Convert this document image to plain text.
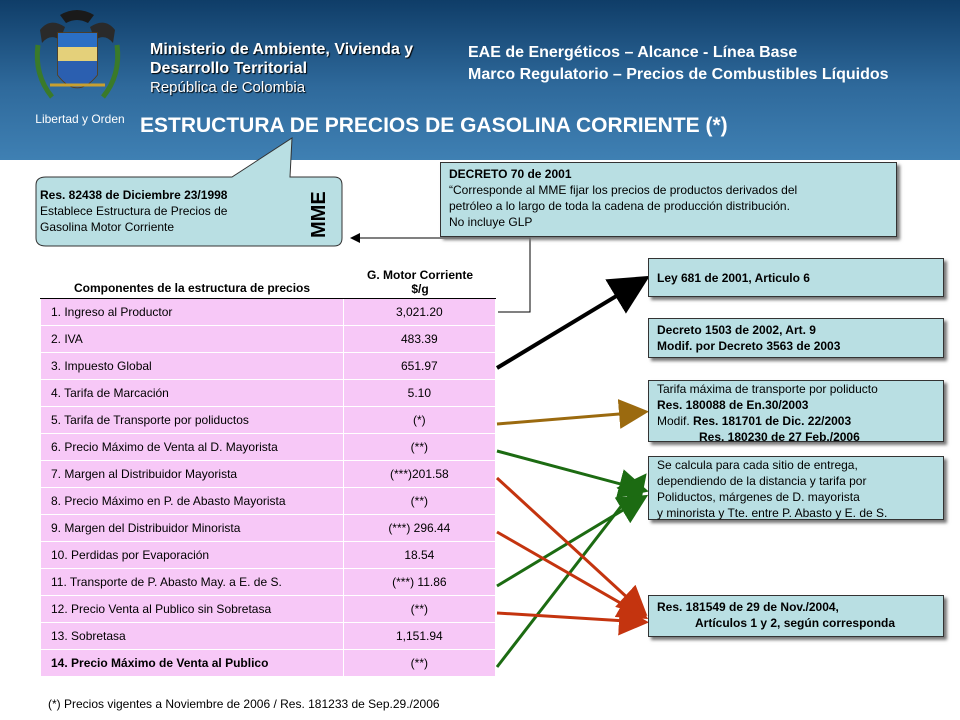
Libertad y Orden
Ministerio de Ambiente, Vivienda y
Desarrollo Territorial
República de Colombia
EAE de Energéticos – Alcance - Línea Base
Marco Regulatorio – Precios de Combustibles Líquidos
ESTRUCTURA DE PRECIOS DE GASOLINA CORRIENTE (*)
Res. 82438 de Diciembre 23/1998
Establece Estructura de Precios de
Gasolina Motor Corriente	MME
DECRETO 70 de 2001
“Corresponde al MME fijar los precios de productos derivados del
petróleo a lo largo de toda la cadena de producción distribución.
No incluye GLP
Componentes de la estructura de precios
G. Motor Corriente
$/g
1. Ingreso al Productor	3,021.20
2. IVA	483.39
3. Impuesto Global	651.97
4. Tarifa de Marcación	5.10
5. Tarifa de Transporte por poliductos	(*)
6. Precio Máximo de Venta al D. Mayorista	(**)
7. Margen al Distribuidor Mayorista	(***)201.58
8. Precio Máximo en P. de Abasto Mayorista	(**)
9. Margen del Distribuidor Minorista	(***) 296.44
10. Perdidas por Evaporación	18.54
11. Transporte de P. Abasto May. a E. de S.	(***) 11.86
12. Precio Venta al Publico sin Sobretasa	(**)
13. Sobretasa	1,151.94
14. Precio Máximo de Venta al Publico	(**)
Ley 681 de 2001, Articulo 6
Decreto 1503 de 2002, Art. 9
Modif. por Decreto 3563 de 2003
Tarifa máxima de transporte por poliducto
Res. 180088 de En.30/2003
Modif. Res. 181701 de Dic. 22/2003
Res. 180230 de 27 Feb./2006
Se calcula para cada sitio de entrega,
dependiendo de la distancia y tarifa por
Poliductos, márgenes de D. mayorista
y minorista y Tte. entre P. Abasto y E. de S.
Res. 181549 de 29 de Nov./2004,
Artículos 1 y 2, según corresponda
(*) Precios vigentes a Noviembre de 2006 / Res. 181233 de Sep.29./2006
